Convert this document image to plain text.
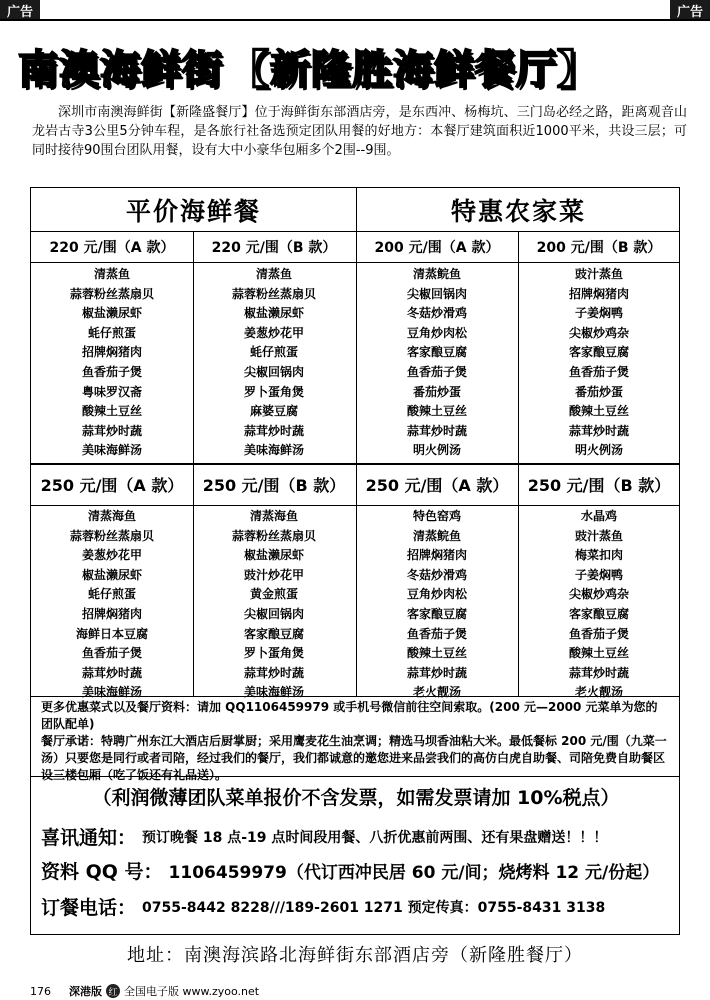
广告	广告
南澳海鲜街 【新隆胜海鲜餐厅】

深圳市南澳海鲜街【新隆盛餐厅】位于海鲜街东部酒店旁，是东西冲、杨梅坑、三门岛必经之路，距离观音山龙岩古寺3公里5分钟车程，是各旅行社备选预定团队用餐的好地方：本餐厅建筑面积近1000平米，共设三层；可同时接待90围台团队用餐，设有大中小豪华包厢多个2围--9围。

平价海鲜餐	特惠农家菜
220 元/围（A 款）
清蒸鱼
蒜蓉粉丝蒸扇贝
椒盐濑尿虾
蚝仔煎蛋
招牌焖猪肉
鱼香茄子煲
粤味罗汉斋
酸辣土豆丝
蒜茸炒时蔬
美味海鲜汤
220 元/围（B 款）
清蒸鱼
蒜蓉粉丝蒸扇贝
椒盐濑尿虾
姜葱炒花甲
蚝仔煎蛋
尖椒回锅肉
罗卜蛋角煲
麻婆豆腐
蒜茸炒时蔬
美味海鲜汤
200 元/围（A 款）
清蒸鲩鱼
尖椒回锅肉
冬菇炒滑鸡
豆角炒肉松
客家酿豆腐
鱼香茄子煲
番茄炒蛋
酸辣土豆丝
蒜茸炒时蔬
明火例汤
200 元/围（B 款）
豉汁蒸鱼
招牌焖猪肉
子姜焖鸭
尖椒炒鸡杂
客家酿豆腐
鱼香茄子煲
番茄炒蛋
酸辣土豆丝
蒜茸炒时蔬
明火例汤
250 元/围（A 款）
清蒸海鱼
蒜蓉粉丝蒸扇贝
姜葱炒花甲
椒盐濑尿虾
蚝仔煎蛋
招牌焖猪肉
海鲜日本豆腐
鱼香茄子煲
蒜茸炒时蔬
美味海鲜汤
250 元/围（B 款）
清蒸海鱼
蒜蓉粉丝蒸扇贝
椒盐濑尿虾
豉汁炒花甲
黄金煎蛋
尖椒回锅肉
客家酿豆腐
罗卜蛋角煲
蒜茸炒时蔬
美味海鲜汤
250 元/围（A 款）
特色窑鸡
清蒸鲩鱼
招牌焖猪肉
冬菇炒滑鸡
豆角炒肉松
客家酿豆腐
鱼香茄子煲
酸辣土豆丝
蒜茸炒时蔬
老火靓汤
250 元/围（B 款）
水晶鸡
豉汁蒸鱼
梅菜扣肉
子姜焖鸭
尖椒炒鸡杂
客家酿豆腐
鱼香茄子煲
酸辣土豆丝
蒜茸炒时蔬
老火靓汤

更多优惠菜式以及餐厅资料：请加 QQ1106459979 或手机号微信前往空间索取。(200 元—2000 元菜单为您的团队配单)

餐厅承诺：特聘广州东江大酒店后厨掌厨；采用鹰麦花生油烹调；精选马坝香油粘大米。最低餐标 200 元/围（九菜一汤）只要您是同行或者司陪，经过我们的餐厅，我们都诚意的邀您进来品尝我们的高仿白虎自助餐、司陪免费自助餐区设三楼包厢（吃了饭还有礼品送）。

（利润微薄团队菜单报价不含发票，如需发票请加 10%税点）
喜讯通知： 预订晚餐 18 点-19 点时间段用餐、八折优惠前两围、还有果盘赠送！！！
资料 QQ 号： 1106459979（代订西冲民居 60 元/间；烧烤料 12 元/份起）
订餐电话： 0755-8442 8228///189-2601 1271 预定传真：0755-8431 3138
地址：南澳海滨路北海鲜街东部酒店旁（新隆胜餐厅）
176 深港版 红 全国电子版 www.zyoo.net
